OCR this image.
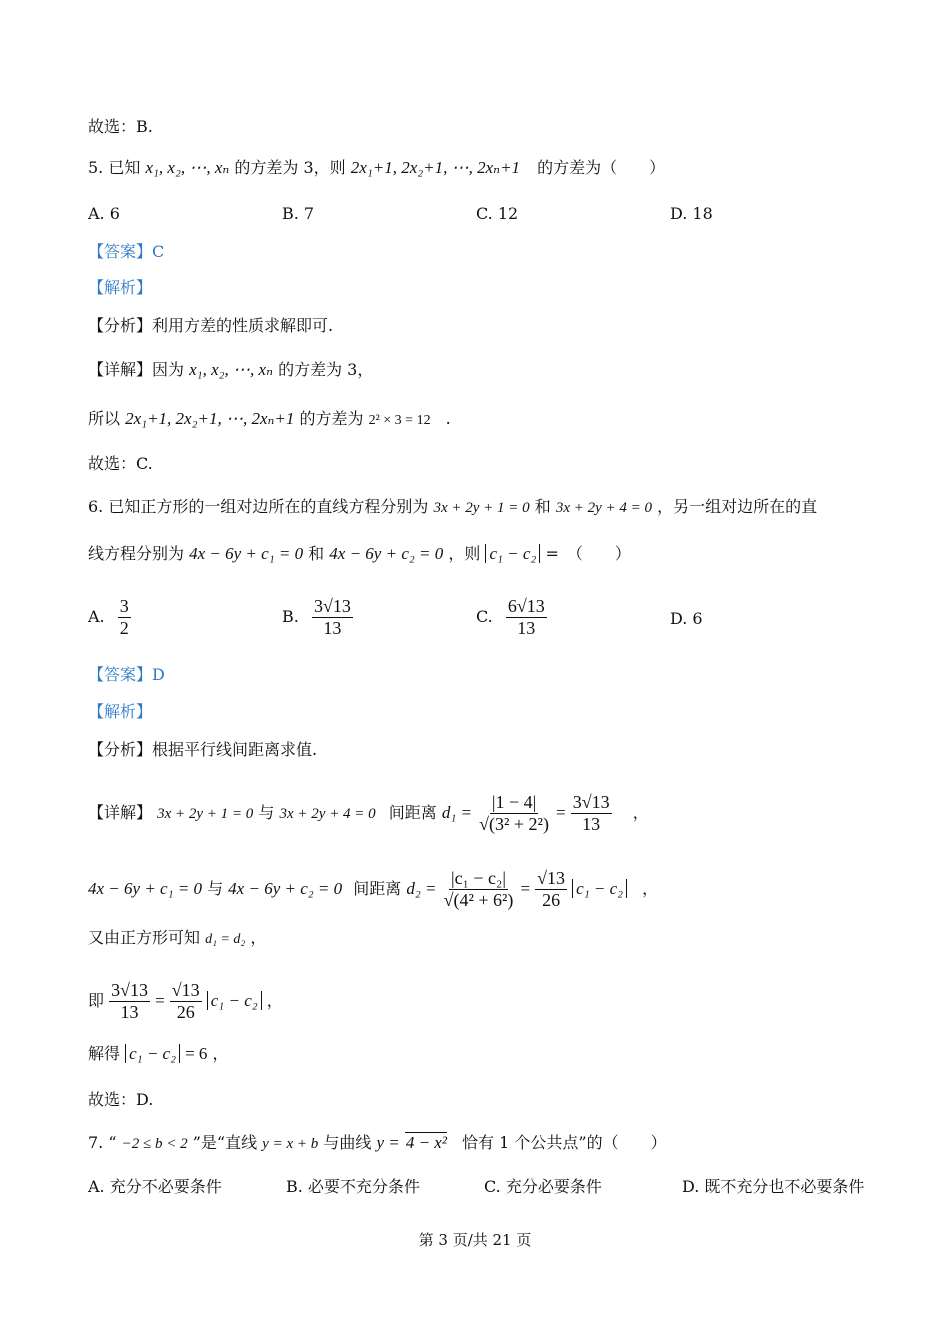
故选：B.
5. 已知 x₁, x₂, ⋯, xₙ 的方差为 3，则 2x₁+1, 2x₂+1, ⋯, 2xₙ+1 的方差为（　　）
A. 6	B. 7	C. 12	D. 18
【答案】C
【解析】
【分析】利用方差的性质求解即可.
【详解】因为 x₁, x₂, ⋯, xₙ 的方差为 3，
所以 2x₁+1, 2x₂+1, ⋯, 2xₙ+1 的方差为 2² × 3 = 12 .
故选：C.
6. 已知正方形的一组对边所在的直线方程分别为 3x + 2y + 1 = 0 和 3x + 2y + 4 = 0 ，另一组对边所在的直
线方程分别为 4x − 6y + c₁ = 0 和 4x − 6y + c₂ = 0 ，则 c₁ − c₂ =　（　　）
A. $\frac{3}{2}$	B. $\frac{3√13}{13}$	C. $\frac{6√13}{13}$	D. 6
【答案】D
【解析】
【分析】根据平行线间距离求值.
【详解】 3x + 2y + 1 = 0 与 3x + 2y + 4 = 0 间距离 $d_1 = \frac{|1 - 4|}{\text{√(3² + 2²)}} = \frac{3√13}{13}$ ，
4x − 6y + c₁ = 0 与 4x − 6y + c₂ = 0 间距离 $d_2 = \frac{\text{|c₁ − c₂|}}{\text{√(4² + 6²)}} = \frac{√13}{26} c_1 - c_2$ ，
又由正方形可知 d₁ = d₂ ，
即 $\frac{3√13}{13} = \frac{√13}{26} c_1 - c_2$ ，
解得 c₁ − c₂ = 6 ，
故选：D.
7. “ −2 ≤ b < 2 ”是“直线 y = x + b 与曲线 y = 4 − x² 恰有 1 个公共点”的（　　）
A. 充分不必要条件	B. 必要不充分条件	C. 充分必要条件	D. 既不充分也不必要条件
第 3 页/共 21 页
